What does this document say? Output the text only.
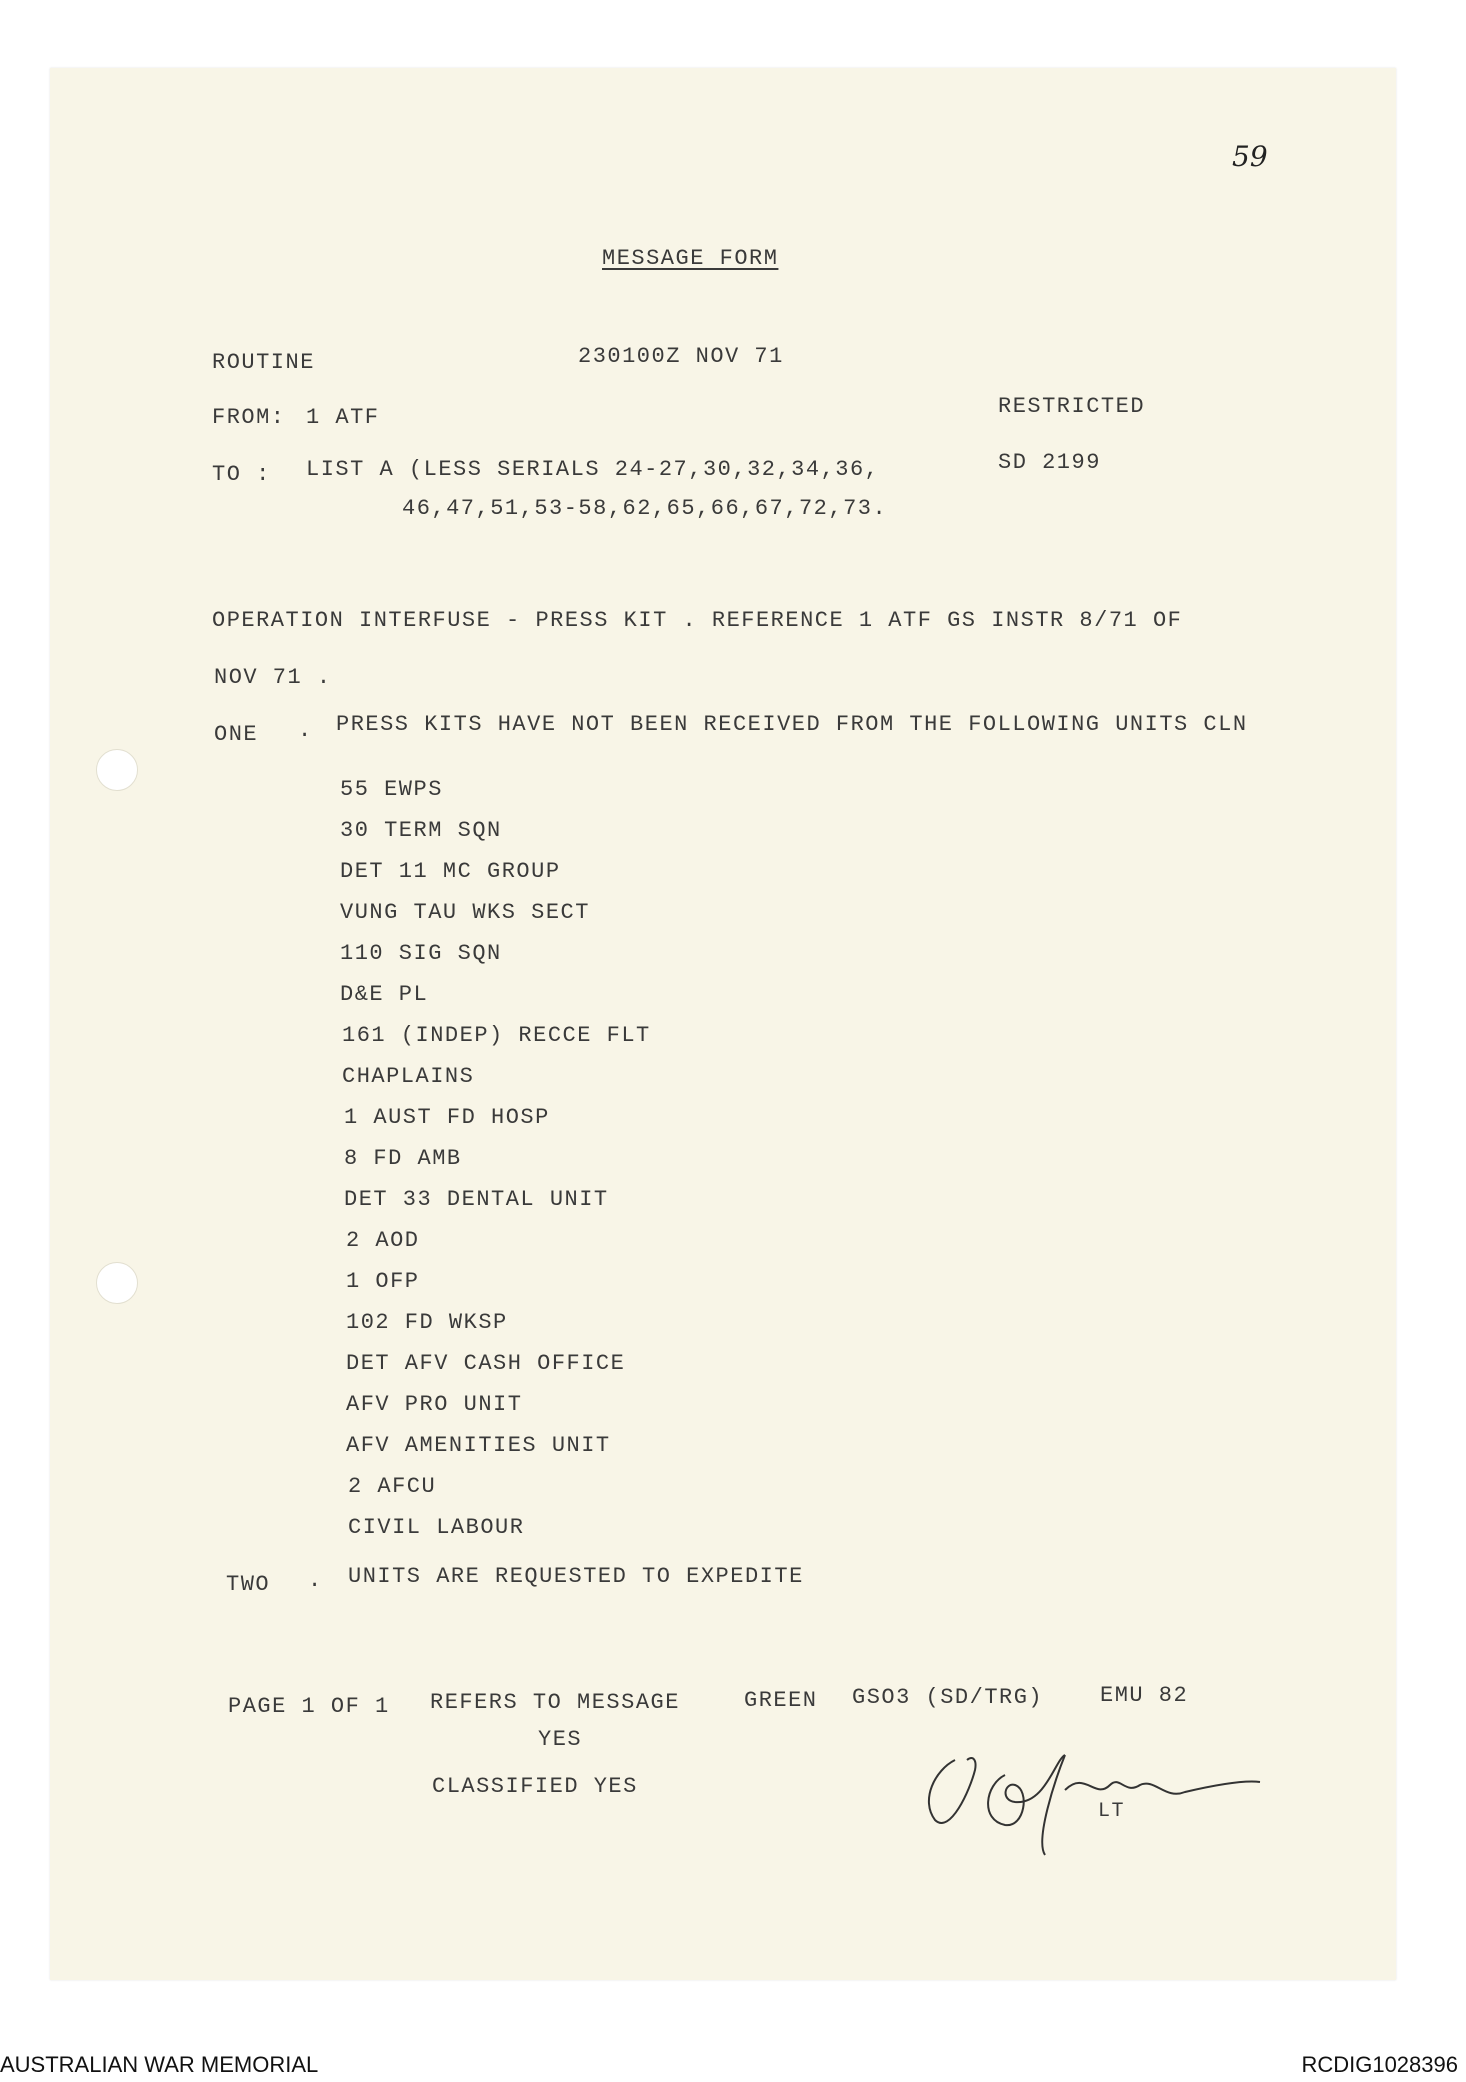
59
MESSAGE FORM
ROUTINE	230100Z NOV 71
FROM: 1 ATF	RESTRICTED
TO : LIST A (LESS SERIALS 24-27,30,32,34,36,
46,47,51,53-58,62,65,66,67,72,73.
SD 2199
OPERATION INTERFUSE - PRESS KIT . REFERENCE 1 ATF GS INSTR 8/71 OF
NOV 71 .
ONE . PRESS KITS HAVE NOT BEEN RECEIVED FROM THE FOLLOWING UNITS CLN
55 EWPS
30 TERM SQN
DET 11 MC GROUP
VUNG TAU WKS SECT
110 SIG SQN
D&E PL
161 (INDEP) RECCE FLT
CHAPLAINS
1 AUST FD HOSP
8 FD AMB
DET 33 DENTAL UNIT
2 AOD
1 OFP
102 FD WKSP
DET AFV CASH OFFICE
AFV PRO UNIT
AFV AMENITIES UNIT
2 AFCU
CIVIL LABOUR
TWO . UNITS ARE REQUESTED TO EXPEDITE
PAGE 1 OF 1 REFERS TO MESSAGE
YES
CLASSIFIED YES
GREEN GSO3 (SD/TRG)	EMU 82
LT
AUSTRALIAN WAR MEMORIAL	RCDIG1028396
